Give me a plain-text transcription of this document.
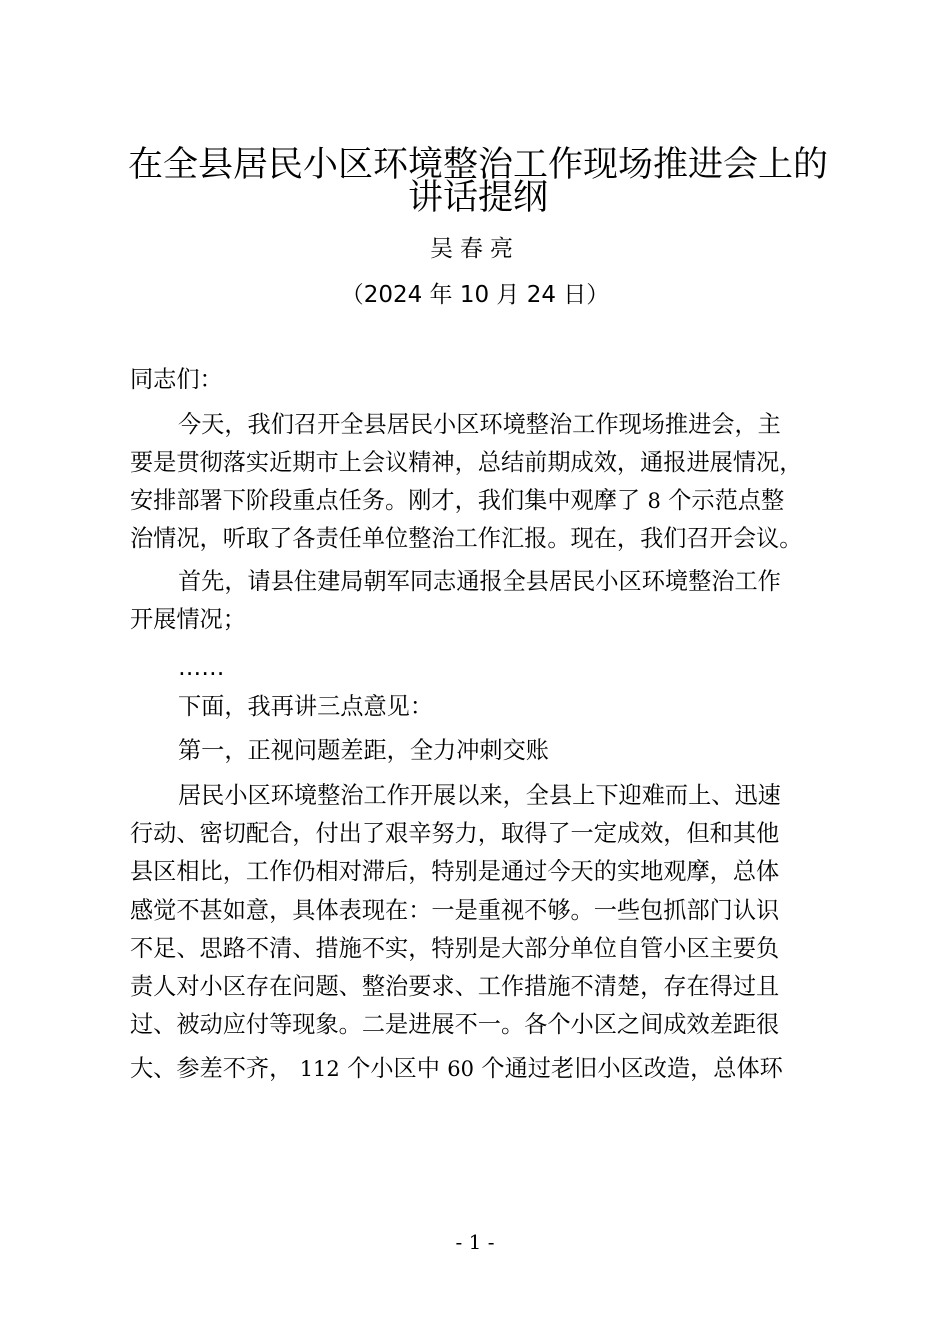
在全县居民小区环境整治工作现场推进会上的
讲话提纲
吴春亮
（2024 年 10 月 24 日）
同志们：
今天，我们召开全县居民小区环境整治工作现场推进会，主
要是贯彻落实近期市上会议精神，总结前期成效，通报进展情况，
安排部署下阶段重点任务。刚才，我们集中观摩了 8 个示范点整
治情况，听取了各责任单位整治工作汇报。现在，我们召开会议。
首先，请县住建局朝军同志通报全县居民小区环境整治工作
开展情况；
……
下面，我再讲三点意见：
第一，正视问题差距，全力冲刺交账
居民小区环境整治工作开展以来，全县上下迎难而上、迅速
行动、密切配合，付出了艰辛努力，取得了一定成效，但和其他
县区相比，工作仍相对滞后，特别是通过今天的实地观摩，总体
感觉不甚如意，具体表现在：一是重视不够。一些包抓部门认识
不足、思路不清、措施不实，特别是大部分单位自管小区主要负
责人对小区存在问题、整治要求、工作措施不清楚，存在得过且
过、被动应付等现象。二是进展不一。各个小区之间成效差距很
大、参差不齐， 112 个小区中 60 个通过老旧小区改造，总体环
- 1 -
